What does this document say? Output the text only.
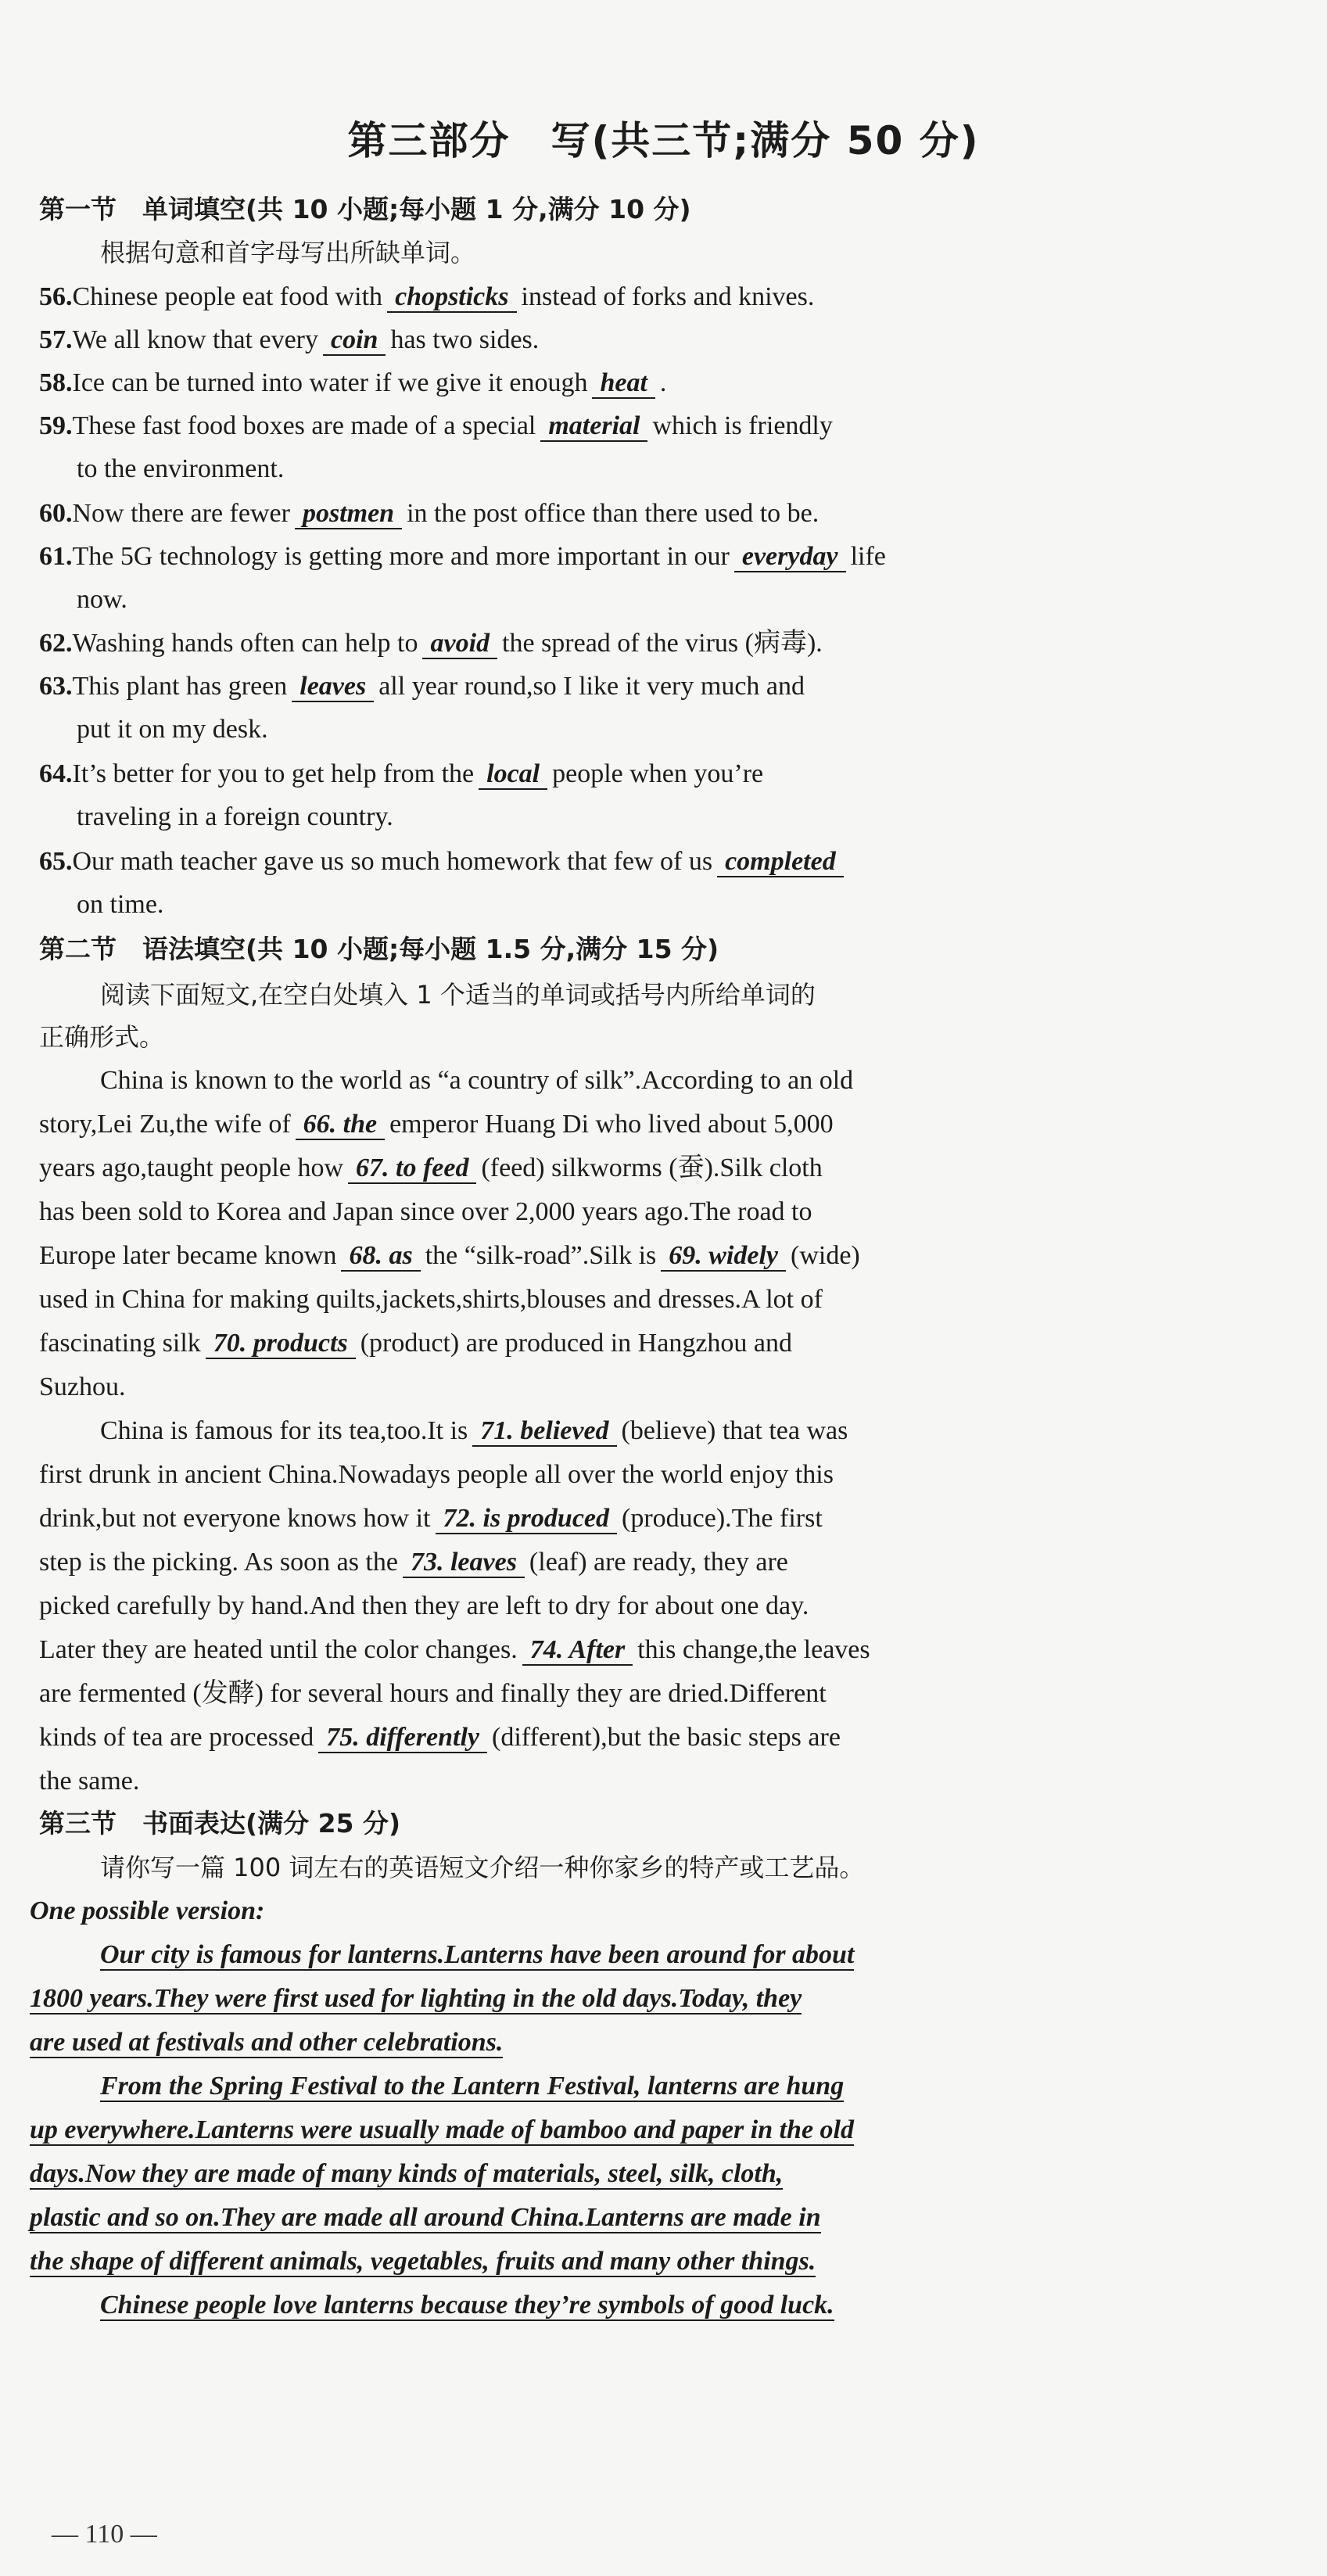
第三部分　写(共三节;满分 50 分)
第一节　单词填空(共 10 小题;每小题 1 分,满分 10 分)
根据句意和首字母写出所缺单词。
56.Chinese people eat food with chopsticks instead of forks and knives.
57.We all know that every coin has two sides.
58.Ice can be turned into water if we give it enough heat .
59.These fast food boxes are made of a special material which is friendly
to the environment.
60.Now there are fewer postmen in the post office than there used to be.
61.The 5G technology is getting more and more important in our everyday life
now.
62.Washing hands often can help to avoid the spread of the virus (病毒).
63.This plant has green leaves all year round,so I like it very much and
put it on my desk.
64.It’s better for you to get help from the local people when you’re
traveling in a foreign country.
65.Our math teacher gave us so much homework that few of us completed
on time.
第二节　语法填空(共 10 小题;每小题 1.5 分,满分 15 分)
阅读下面短文,在空白处填入 1 个适当的单词或括号内所给单词的
正确形式。
China is known to the world as “a country of silk”.According to an old
story,Lei Zu,the wife of 66. the emperor Huang Di who lived about 5,000
years ago,taught people how 67. to feed (feed) silkworms (蚕).Silk cloth
has been sold to Korea and Japan since over 2,000 years ago.The road to
Europe later became known 68. as the “silk-road”.Silk is 69. widely (wide)
used in China for making quilts,jackets,shirts,blouses and dresses.A lot of
fascinating silk 70. products (product) are produced in Hangzhou and
Suzhou.
China is famous for its tea,too.It is 71. believed (believe) that tea was
first drunk in ancient China.Nowadays people all over the world enjoy this
drink,but not everyone knows how it 72. is produced (produce).The first
step is the picking. As soon as the 73. leaves (leaf) are ready, they are
picked carefully by hand.And then they are left to dry for about one day.
Later they are heated until the color changes. 74. After this change,the leaves
are fermented (发酵) for several hours and finally they are dried.Different
kinds of tea are processed 75. differently (different),but the basic steps are
the same.
第三节　书面表达(满分 25 分)
请你写一篇 100 词左右的英语短文介绍一种你家乡的特产或工艺品。
One possible version:
Our city is famous for lanterns.Lanterns have been around for about
1800 years.They were first used for lighting in the old days.Today, they
are used at festivals and other celebrations.
From the Spring Festival to the Lantern Festival, lanterns are hung
up everywhere.Lanterns were usually made of bamboo and paper in the old
days.Now they are made of many kinds of materials, steel, silk, cloth,
plastic and so on.They are made all around China.Lanterns are made in
the shape of different animals, vegetables, fruits and many other things.
Chinese people love lanterns because they’re symbols of good luck.
— 110 —
